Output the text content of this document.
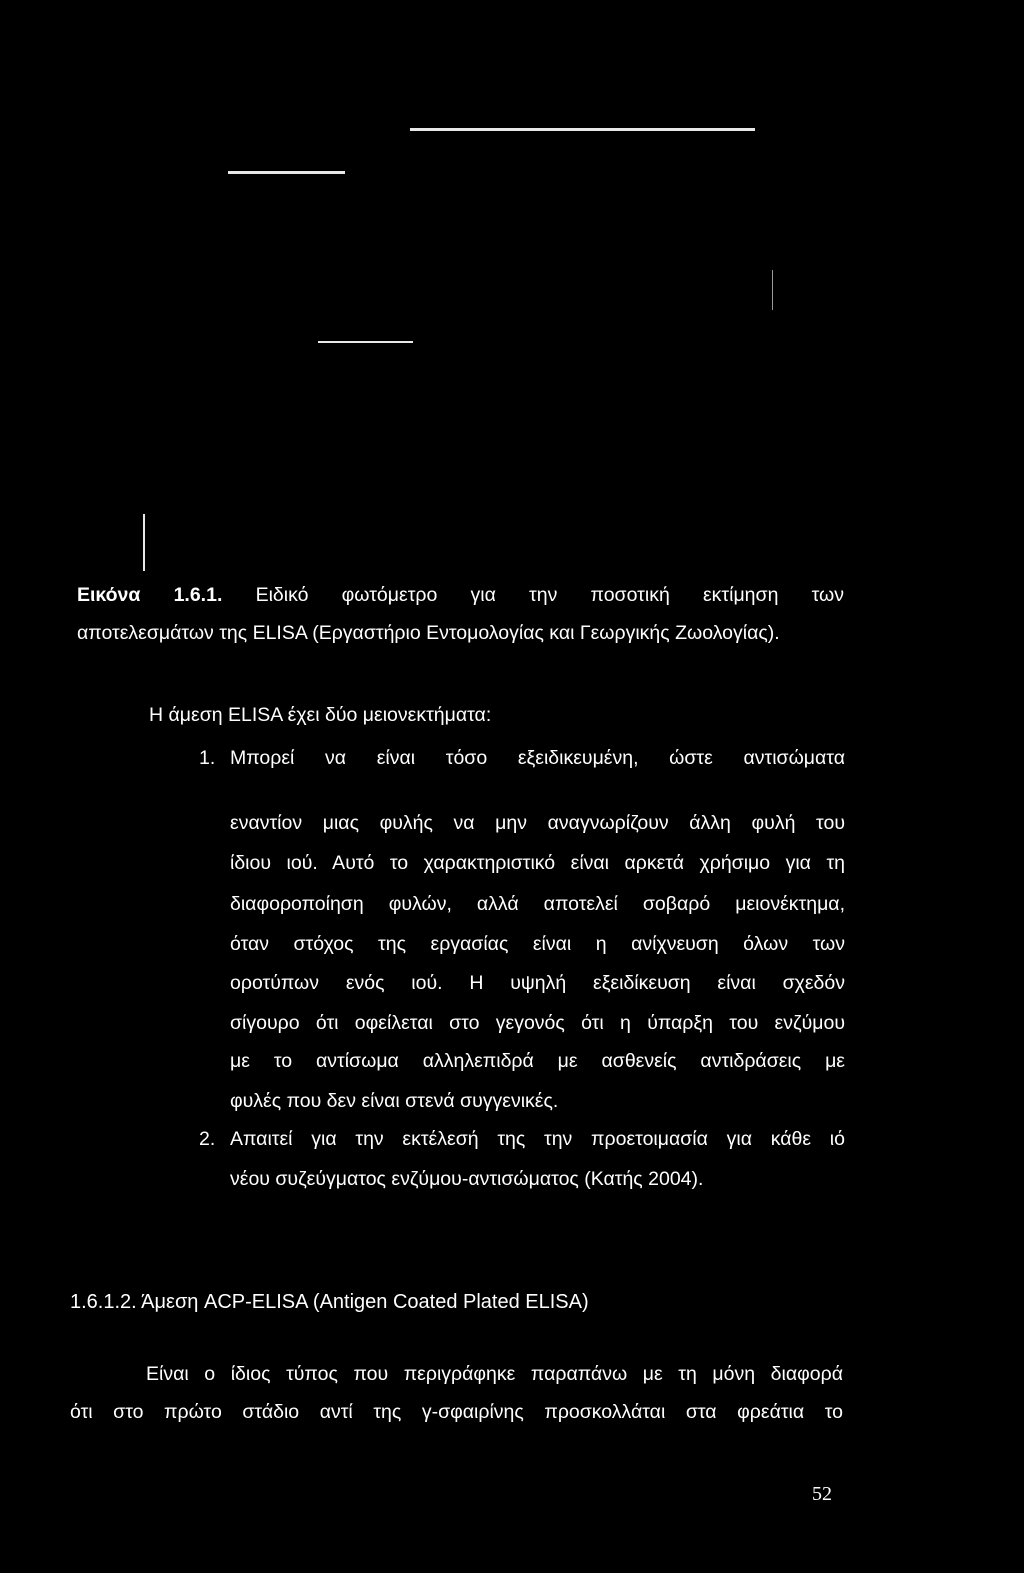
Εικόνα 1.6.1. Ειδικό φωτόμετρο για την ποσοτική εκτίμηση των
αποτελεσμάτων της ELISA (Εργαστήριο Εντομολογίας και Γεωργικής Ζωολογίας).
Η άμεση ELISA έχει δύο μειονεκτήματα:
1. Μπορεί να είναι τόσο εξειδικευμένη, ώστε αντισώματα
εναντίον μιας φυλής να μην αναγνωρίζουν άλλη φυλή του
ίδιου ιού. Αυτό το χαρακτηριστικό είναι αρκετά χρήσιμο για τη
διαφοροποίηση φυλών, αλλά αποτελεί σοβαρό μειονέκτημα,
όταν στόχος της εργασίας είναι η ανίχνευση όλων των
οροτύπων ενός ιού. Η υψηλή εξειδίκευση είναι σχεδόν
σίγουρο ότι οφείλεται στο γεγονός ότι η ύπαρξη του ενζύμου
με το αντίσωμα αλληλεπιδρά με ασθενείς αντιδράσεις με
φυλές που δεν είναι στενά συγγενικές.
2. Απαιτεί για την εκτέλεσή της την προετοιμασία για κάθε ιό
νέου συζεύγματος ενζύμου-αντισώματος (Κατής 2004).
1.6.1.2. Άμεση ACP-ELISA (Antigen Coated Plated ELISA)
Είναι ο ίδιος τύπος που περιγράφηκε παραπάνω με τη μόνη διαφορά
ότι στο πρώτο στάδιο αντί της γ-σφαιρίνης προσκολλάται στα φρεάτια το
52
